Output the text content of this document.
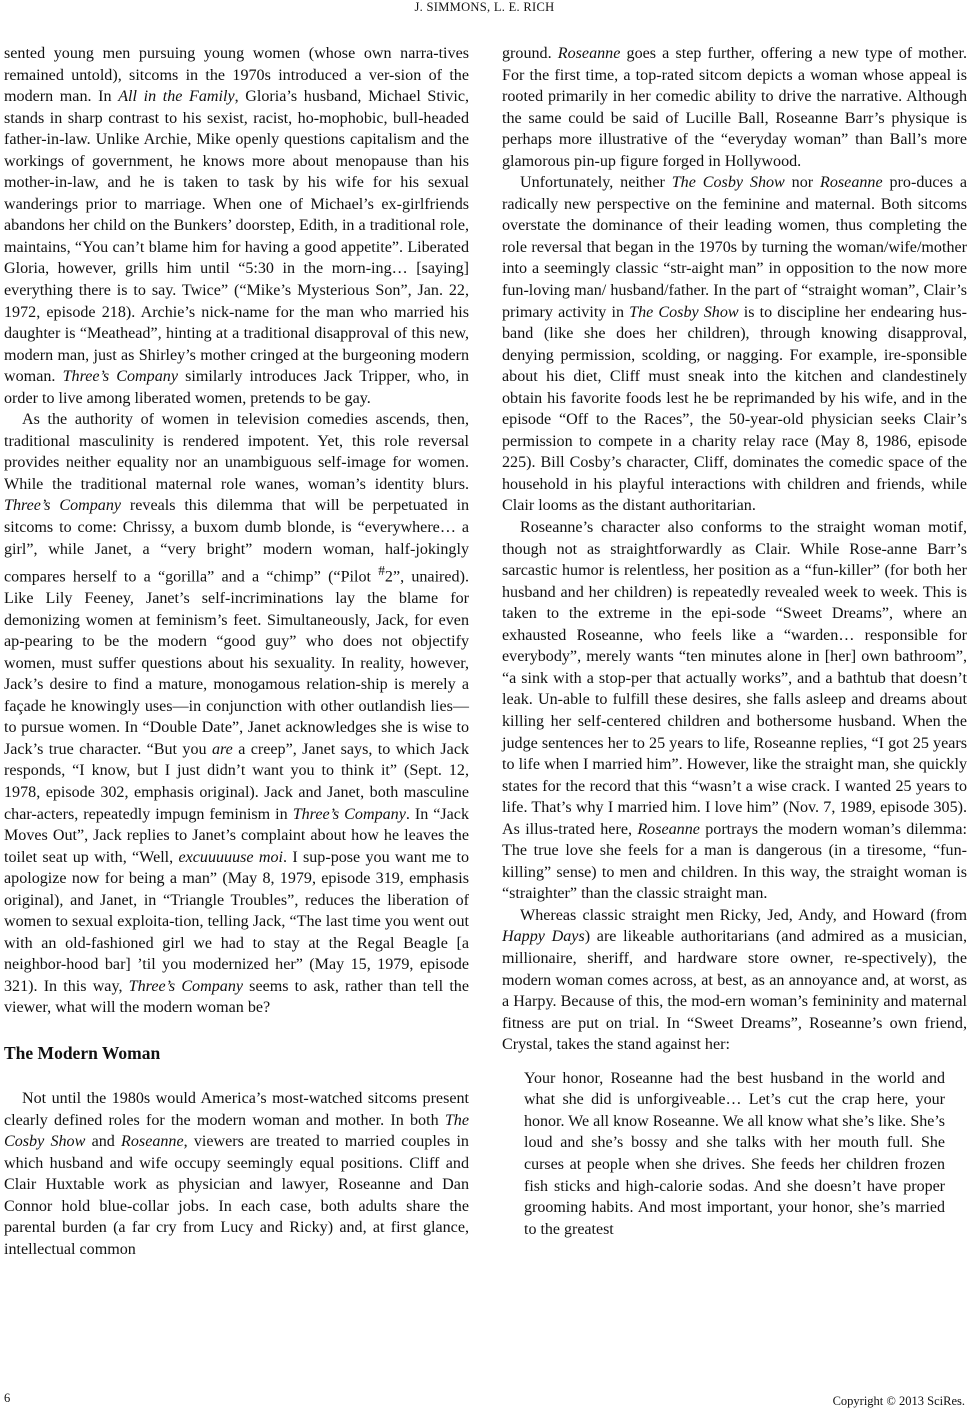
J. SIMMONS, L. E. RICH

sented young men pursuing young women (whose own narra-tives remained untold), sitcoms in the 1970s introduced a ver-sion of the modern man. In All in the Family, Gloria’s husband, Michael Stivic, stands in sharp contrast to his sexist, racist, ho-mophobic, bull-headed father-in-law. Unlike Archie, Mike openly questions capitalism and the workings of government, he knows more about menopause than his mother-in-law, and he is taken to task by his wife for his sexual wanderings prior to marriage. When one of Michael’s ex-girlfriends abandons her child on the Bunkers’ doorstep, Edith, in a traditional role, maintains, “You can’t blame him for having a good appetite”. Liberated Gloria, however, grills him until “5:30 in the morn-ing… [saying] everything there is to say. Twice” (“Mike’s Mysterious Son”, Jan. 22, 1972, episode 218). Archie’s nick-name for the man who married his daughter is “Meathead”, hinting at a traditional disapproval of this new, modern man, just as Shirley’s mother cringed at the burgeoning modern woman. Three’s Company similarly introduces Jack Tripper, who, in order to live among liberated women, pretends to be gay.

As the authority of women in television comedies ascends, then, traditional masculinity is rendered impotent. Yet, this role reversal provides neither equality nor an unambiguous self-image for women. While the traditional maternal role wanes, woman’s identity blurs. Three’s Company reveals this dilemma that will be perpetuated in sitcoms to come: Chrissy, a buxom dumb blonde, is “everywhere… a girl”, while Janet, a “very bright” modern woman, half-jokingly compares herself to a “gorilla” and a “chimp” (“Pilot #2”, unaired). Like Lily Feeney, Janet’s self-incriminations lay the blame for demonizing women at feminism’s feet. Simultaneously, Jack, for even ap-pearing to be the modern “good guy” who does not objectify women, must suffer questions about his sexuality. In reality, however, Jack’s desire to find a mature, monogamous relation-ship is merely a façade he knowingly uses—in conjunction with other outlandish lies—to pursue women. In “Double Date”, Janet acknowledges she is wise to Jack’s true character. “But you are a creep”, Janet says, to which Jack responds, “I know, but I just didn’t want you to think it” (Sept. 12, 1978, episode 302, emphasis original). Jack and Janet, both masculine char-acters, repeatedly impugn feminism in Three’s Company. In “Jack Moves Out”, Jack replies to Janet’s complaint about how he leaves the toilet seat up with, “Well, excuuuuuse moi. I sup-pose you want me to apologize now for being a man” (May 8, 1979, episode 319, emphasis original), and Janet, in “Triangle Troubles”, reduces the liberation of women to sexual exploita-tion, telling Jack, “The last time you went out with an old-fashioned girl we had to stay at the Regal Beagle [a neighbor-hood bar] ’til you modernized her” (May 15, 1979, episode 321). In this way, Three’s Company seems to ask, rather than tell the viewer, what will the modern woman be?

The Modern Woman

Not until the 1980s would America’s most-watched sitcoms present clearly defined roles for the modern woman and mother. In both The Cosby Show and Roseanne, viewers are treated to married couples in which husband and wife occupy seemingly equal positions. Cliff and Clair Huxtable work as physician and lawyer, Roseanne and Dan Connor hold blue-collar jobs. In each case, both adults share the parental burden (a far cry from Lucy and Ricky) and, at first glance, intellectual common

ground. Roseanne goes a step further, offering a new type of mother. For the first time, a top-rated sitcom depicts a woman whose appeal is rooted primarily in her comedic ability to drive the narrative. Although the same could be said of Lucille Ball, Roseanne Barr’s physique is perhaps more illustrative of the “everyday woman” than Ball’s more glamorous pin-up figure forged in Hollywood.

Unfortunately, neither The Cosby Show nor Roseanne pro-duces a radically new perspective on the feminine and maternal. Both sitcoms overstate the dominance of their leading women, thus completing the role reversal that began in the 1970s by turning the woman/wife/mother into a seemingly classic “str-aight man” in opposition to the now more fun-loving man/ husband/father. In the part of “straight woman”, Clair’s primary activity in The Cosby Show is to discipline her endearing hus-band (like she does her children), through knowing disapproval, denying permission, scolding, or nagging. For example, ire-sponsible about his diet, Cliff must sneak into the kitchen and clandestinely obtain his favorite foods lest he be reprimanded by his wife, and in the episode “Off to the Races”, the 50-year-old physician seeks Clair’s permission to compete in a charity relay race (May 8, 1986, episode 225). Bill Cosby’s character, Cliff, dominates the comedic space of the household in his playful interactions with children and friends, while Clair looms as the distant authoritarian.

Roseanne’s character also conforms to the straight woman motif, though not as straightforwardly as Clair. While Rose-anne Barr’s sarcastic humor is relentless, her position as a “fun-killer” (for both her husband and her children) is repeatedly revealed week to week. This is taken to the extreme in the epi-sode “Sweet Dreams”, where an exhausted Roseanne, who feels like a “warden… responsible for everybody”, merely wants “ten minutes alone in [her] own bathroom”, “a sink with a stop-per that actually works”, and a bathtub that doesn’t leak. Un-able to fulfill these desires, she falls asleep and dreams about killing her self-centered children and bothersome husband. When the judge sentences her to 25 years to life, Roseanne replies, “I got 25 years to life when I married him”. However, like the straight man, she quickly states for the record that this “wasn’t a wise crack. I wanted 25 years to life. That’s why I married him. I love him” (Nov. 7, 1989, episode 305). As illus-trated here, Roseanne portrays the modern woman’s dilemma: The true love she feels for a man is dangerous (in a tiresome, “fun-killing” sense) to men and children. In this way, the straight woman is “straighter” than the classic straight man.

Whereas classic straight men Ricky, Jed, Andy, and Howard (from Happy Days) are likeable authoritarians (and admired as a musician, millionaire, sheriff, and hardware store owner, re-spectively), the modern woman comes across, at best, as an annoyance and, at worst, as a Harpy. Because of this, the mod-ern woman’s femininity and maternal fitness are put on trial. In “Sweet Dreams”, Roseanne’s own friend, Crystal, takes the stand against her:

Your honor, Roseanne had the best husband in the world and what she did is unforgiveable… Let’s cut the crap here, your honor. We all know Roseanne. We all know what she’s like. She’s loud and she’s bossy and she talks with her mouth full. She curses at people when she drives. She feeds her children frozen fish sticks and high-calorie sodas. And she doesn’t have proper grooming habits. And most important, your honor, she’s married to the greatest
6	Copyright © 2013 SciRes.
